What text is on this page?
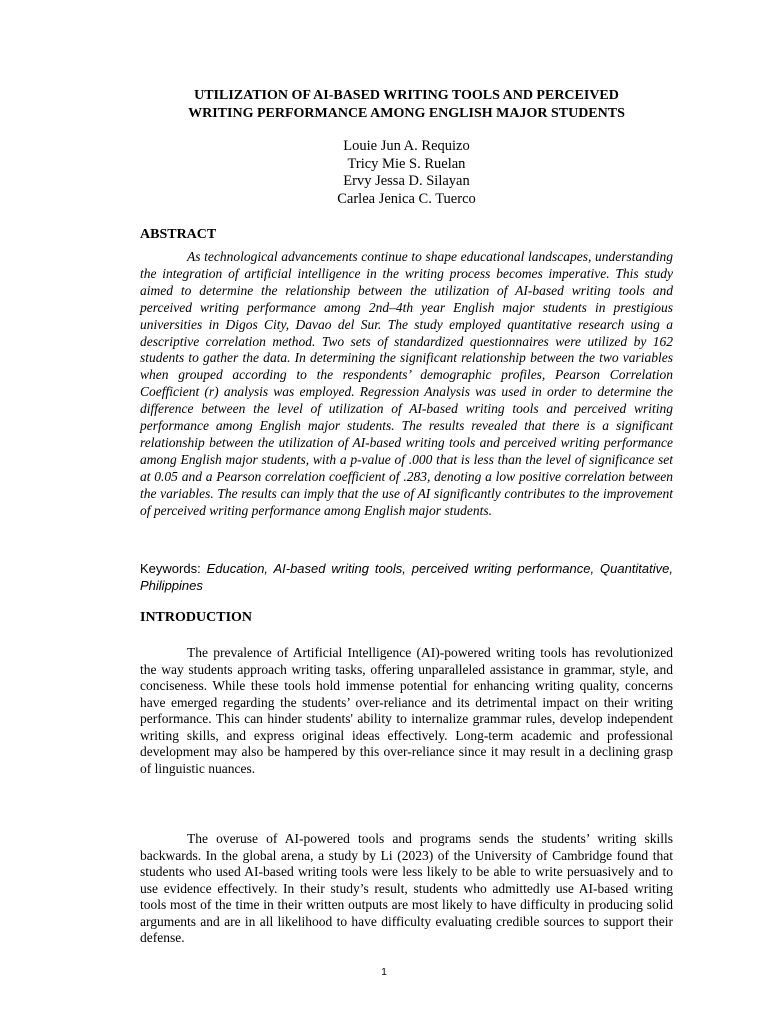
UTILIZATION OF AI-BASED WRITING TOOLS AND PERCEIVED
WRITING PERFORMANCE AMONG ENGLISH MAJOR STUDENTS
Louie Jun A. Requizo
Tricy Mie S. Ruelan
Ervy Jessa D. Silayan
Carlea Jenica C. Tuerco
ABSTRACT

As technological advancements continue to shape educational landscapes, understanding the integration of artificial intelligence in the writing process becomes imperative. This study aimed to determine the relationship between the utilization of AI-based writing tools and perceived writing performance among 2nd–4th year English major students in prestigious universities in Digos City, Davao del Sur. The study employed quantitative research using a descriptive correlation method. Two sets of standardized questionnaires were utilized by 162 students to gather the data. In determining the significant relationship between the two variables when grouped according to the respondents’ demographic profiles, Pearson Correlation Coefficient (r) analysis was employed. Regression Analysis was used in order to determine the difference between the level of utilization of AI-based writing tools and perceived writing performance among English major students. The results revealed that there is a significant relationship between the utilization of AI-based writing tools and perceived writing performance among English major students, with a p-value of .000 that is less than the level of significance set at 0.05 and a Pearson correlation coefficient of .283, denoting a low positive correlation between the variables. The results can imply that the use of AI significantly contributes to the improvement of perceived writing performance among English major students.

Keywords: Education, AI-based writing tools, perceived writing performance, Quantitative, Philippines

INTRODUCTION

The prevalence of Artificial Intelligence (AI)-powered writing tools has revolutionized the way students approach writing tasks, offering unparalleled assistance in grammar, style, and conciseness. While these tools hold immense potential for enhancing writing quality, concerns have emerged regarding the students’ over-reliance and its detrimental impact on their writing performance. This can hinder students' ability to internalize grammar rules, develop independent writing skills, and express original ideas effectively. Long-term academic and professional development may also be hampered by this over-reliance since it may result in a declining grasp of linguistic nuances.

The overuse of AI-powered tools and programs sends the students’ writing skills backwards. In the global arena, a study by Li (2023) of the University of Cambridge found that students who used AI-based writing tools were less likely to be able to write persuasively and to use evidence effectively. In their study’s result, students who admittedly use AI-based writing tools most of the time in their written outputs are most likely to have difficulty in producing solid arguments and are in all likelihood to have difficulty evaluating credible sources to support their defense.

1
